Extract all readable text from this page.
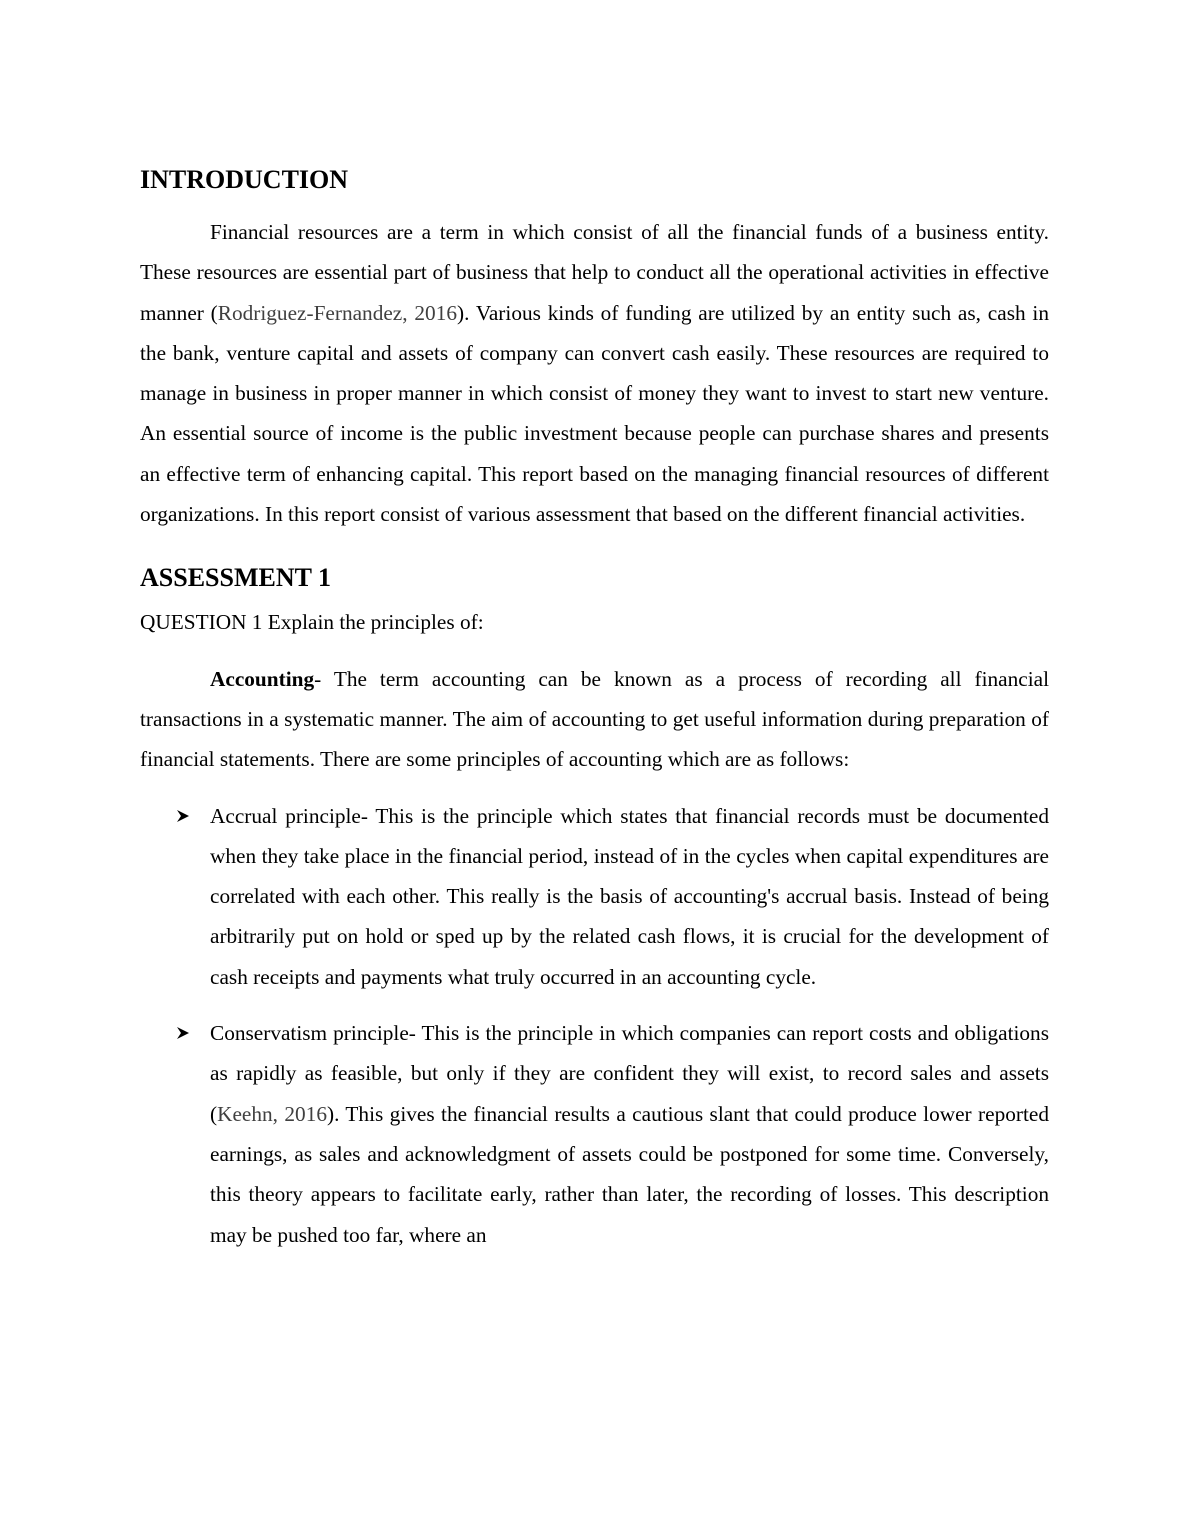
INTRODUCTION

Financial resources are a term in which consist of all the financial funds of a business entity. These resources are essential part of business that help to conduct all the operational activities in effective manner (Rodriguez-Fernandez, 2016). Various kinds of funding are utilized by an entity such as, cash in the bank, venture capital and assets of company can convert cash easily. These resources are required to manage in business in proper manner in which consist of money they want to invest to start new venture. An essential source of income is the public investment because people can purchase shares and presents an effective term of enhancing capital. This report based on the managing financial resources of different organizations. In this report consist of various assessment that based on the different financial activities.

ASSESSMENT 1

QUESTION 1 Explain the principles of:

Accounting- The term accounting can be known as a process of recording all financial transactions in a systematic manner. The aim of accounting to get useful information during preparation of financial statements. There are some principles of accounting which are as follows:

Accrual principle- This is the principle which states that financial records must be documented when they take place in the financial period, instead of in the cycles when capital expenditures are correlated with each other. This really is the basis of accounting's accrual basis. Instead of being arbitrarily put on hold or sped up by the related cash flows, it is crucial for the development of cash receipts and payments what truly occurred in an accounting cycle.
Conservatism principle- This is the principle in which companies can report costs and obligations as rapidly as feasible, but only if they are confident they will exist, to record sales and assets (Keehn, 2016). This gives the financial results a cautious slant that could produce lower reported earnings, as sales and acknowledgment of assets could be postponed for some time. Conversely, this theory appears to facilitate early, rather than later, the recording of losses. This description may be pushed too far, where an
